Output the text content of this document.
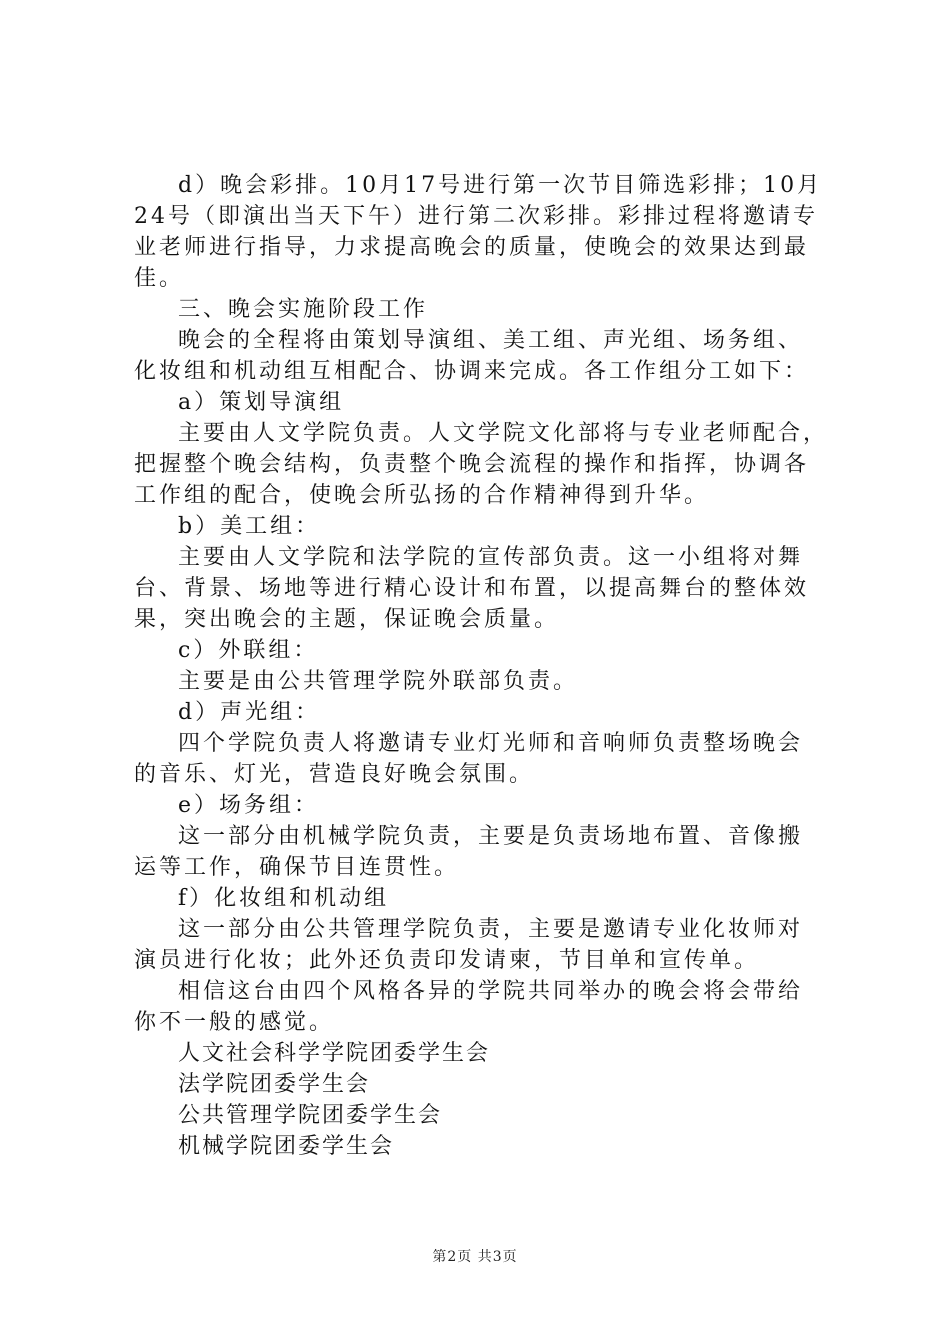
d）晚会彩排。10月17号进行第一次节目筛选彩排；10月
24号（即演出当天下午）进行第二次彩排。彩排过程将邀请专
业老师进行指导，力求提高晚会的质量，使晚会的效果达到最
佳。
三、晚会实施阶段工作
晚会的全程将由策划导演组、美工组、声光组、场务组、
化妆组和机动组互相配合、协调来完成。各工作组分工如下：
a）策划导演组
主要由人文学院负责。人文学院文化部将与专业老师配合，
把握整个晚会结构，负责整个晚会流程的操作和指挥，协调各
工作组的配合，使晚会所弘扬的合作精神得到升华。
b）美工组：
主要由人文学院和法学院的宣传部负责。这一小组将对舞
台、背景、场地等进行精心设计和布置，以提高舞台的整体效
果，突出晚会的主题，保证晚会质量。
c）外联组：
主要是由公共管理学院外联部负责。
d）声光组：
四个学院负责人将邀请专业灯光师和音响师负责整场晚会
的音乐、灯光，营造良好晚会氛围。
e）场务组：
这一部分由机械学院负责，主要是负责场地布置、音像搬
运等工作，确保节目连贯性。
f）化妆组和机动组
这一部分由公共管理学院负责，主要是邀请专业化妆师对
演员进行化妆；此外还负责印发请柬，节目单和宣传单。
相信这台由四个风格各异的学院共同举办的晚会将会带给
你不一般的感觉。
人文社会科学学院团委学生会
法学院团委学生会
公共管理学院团委学生会
机械学院团委学生会
第2页 共3页
